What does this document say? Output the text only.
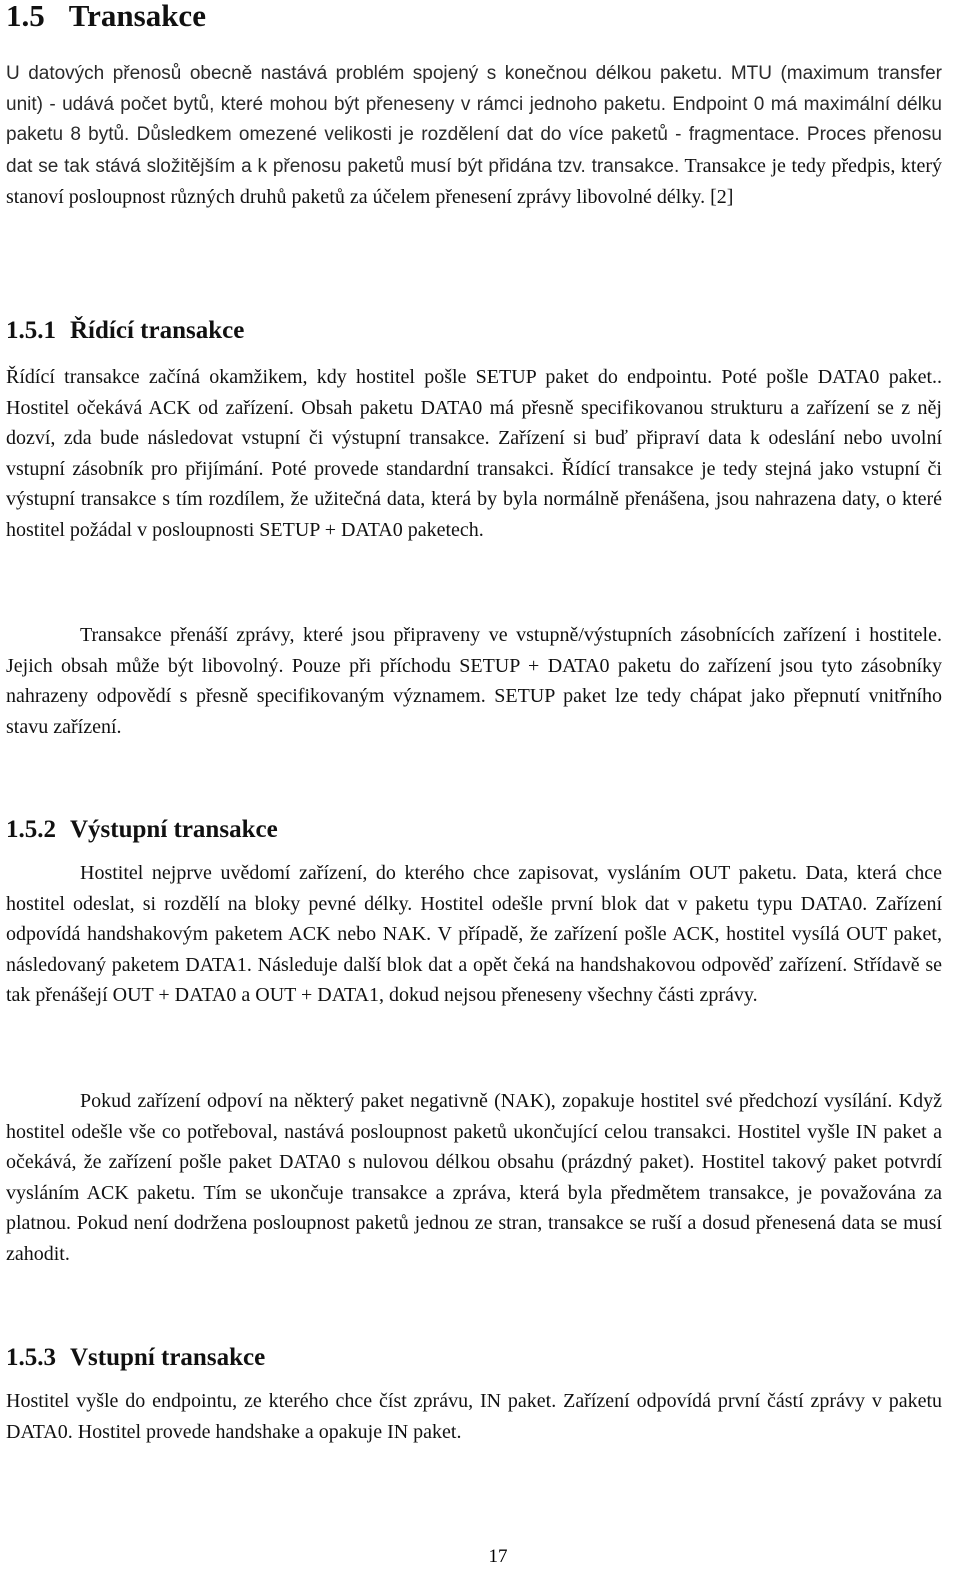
1.5 Transakce

U datových přenosů obecně nastává problém spojený s konečnou délkou paketu. MTU (maximum transfer unit) - udává počet bytů, které mohou být přeneseny v rámci jednoho paketu. Endpoint 0 má maximální délku paketu 8 bytů. Důsledkem omezené velikosti je rozdělení dat do více paketů - fragmentace. Proces přenosu dat se tak stává složitějším a k přenosu paketů musí být přidána tzv. transakce. Transakce je tedy předpis, který stanoví posloupnost různých druhů paketů za účelem přenesení zprávy libovolné délky. [2]

1.5.1 Řídící transakce

Řídící transakce začíná okamžikem, kdy hostitel pošle SETUP paket do endpointu. Poté pošle DATA0 paket.. Hostitel očekává ACK od zařízení. Obsah paketu DATA0 má přesně specifikovanou strukturu a zařízení se z něj dozví, zda bude následovat vstupní či výstupní transakce. Zařízení si buď připraví data k odeslání nebo uvolní vstupní zásobník pro přijímání. Poté provede standardní transakci. Řídící transakce je tedy stejná jako vstupní či výstupní transakce s tím rozdílem, že užitečná data, která by byla normálně přenášena, jsou nahrazena daty, o které hostitel požádal v posloupnosti SETUP + DATA0 paketech.

Transakce přenáší zprávy, které jsou připraveny ve vstupně/výstupních zásobnících zařízení i hostitele. Jejich obsah může být libovolný. Pouze při příchodu SETUP + DATA0 paketu do zařízení jsou tyto zásobníky nahrazeny odpovědí s přesně specifikovaným významem. SETUP paket lze tedy chápat jako přepnutí vnitřního stavu zařízení.

1.5.2 Výstupní transakce

Hostitel nejprve uvědomí zařízení, do kterého chce zapisovat, vysláním OUT paketu. Data, která chce hostitel odeslat, si rozdělí na bloky pevné délky. Hostitel odešle první blok dat v paketu typu DATA0. Zařízení odpovídá handshakovým paketem ACK nebo NAK. V případě, že zařízení pošle ACK, hostitel vysílá OUT paket, následovaný paketem DATA1. Následuje další blok dat a opět čeká na handshakovou odpověď zařízení. Střídavě se tak přenášejí OUT + DATA0 a OUT + DATA1, dokud nejsou přeneseny všechny části zprávy.

Pokud zařízení odpoví na některý paket negativně (NAK), zopakuje hostitel své předchozí vysílání. Když hostitel odešle vše co potřeboval, nastává posloupnost paketů ukončující celou transakci. Hostitel vyšle IN paket a očekává, že zařízení pošle paket DATA0 s nulovou délkou obsahu (prázdný paket). Hostitel takový paket potvrdí vysláním ACK paketu. Tím se ukončuje transakce a zpráva, která byla předmětem transakce, je považována za platnou. Pokud není dodržena posloupnost paketů jednou ze stran, transakce se ruší a dosud přenesená data se musí zahodit.

1.5.3 Vstupní transakce

Hostitel vyšle do endpointu, ze kterého chce číst zprávu, IN paket. Zařízení odpovídá první částí zprávy v paketu DATA0. Hostitel provede handshake a opakuje IN paket.

17
